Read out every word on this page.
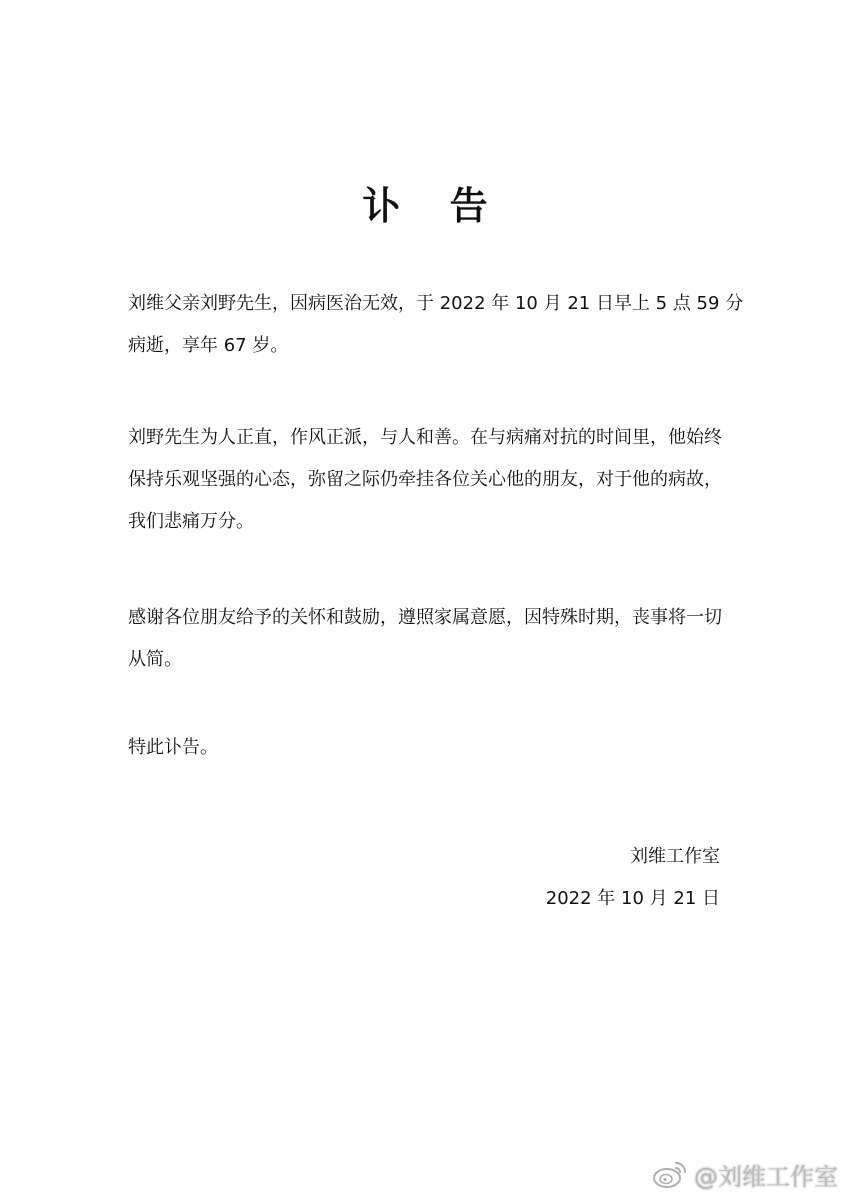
讣 告

刘维父亲刘野先生，因病医治无效，于 2022 年 10 月 21 日早上 5 点 59 分
病逝，享年 67 岁。

刘野先生为人正直，作风正派，与人和善。在与病痛对抗的时间里，他始终
保持乐观坚强的心态，弥留之际仍牵挂各位关心他的朋友，对于他的病故，
我们悲痛万分。

感谢各位朋友给予的关怀和鼓励，遵照家属意愿，因特殊时期，丧事将一切
从简。

特此讣告。

刘维工作室
2022 年 10 月 21 日
@刘维工作室
